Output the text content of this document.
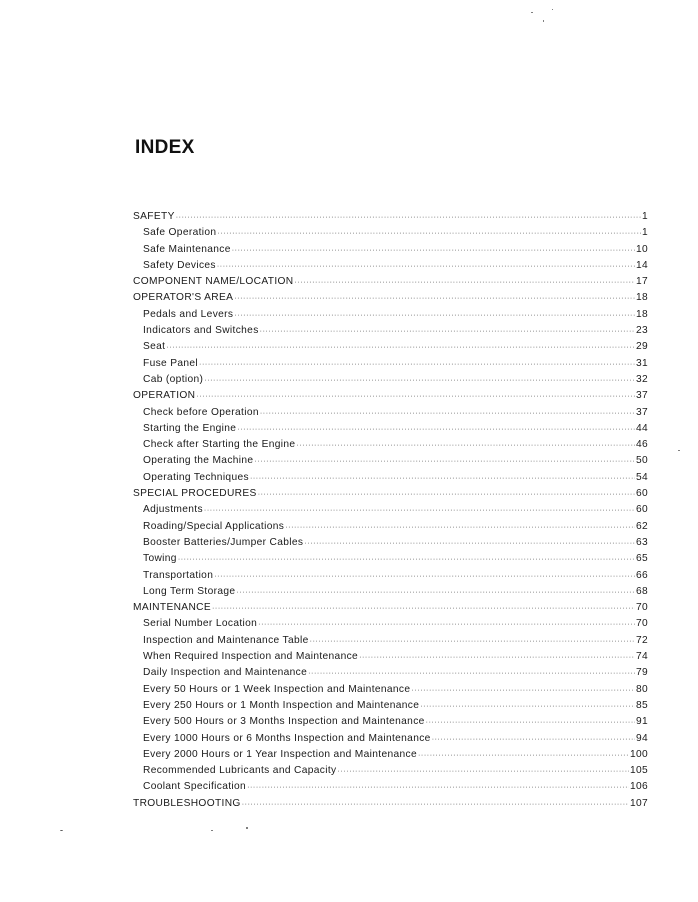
INDEX
SAFETY ·····	1
Safe Operation ·····	1
Safe Maintenance ·····	10
Safety Devices ·····	14
COMPONENT NAME/LOCATION ·····	17
OPERATOR'S AREA ·····	18
Pedals and Levers ·····	18
Indicators and Switches ·····	23
Seat ·····	29
Fuse Panel ·····	31
Cab (option) ·····	32
OPERATION ·····	37
Check before Operation ·····	37
Starting the Engine ·····	44
Check after Starting the Engine ·····	46
Operating the Machine ·····	50
Operating Techniques ·····	54
SPECIAL PROCEDURES ·····	60
Adjustments ·····	60
Roading/Special Applications ·····	62
Booster Batteries/Jumper Cables ·····	63
Towing ·····	65
Transportation ·····	66
Long Term Storage ·····	68
MAINTENANCE ·····	70
Serial Number Location ·····	70
Inspection and Maintenance Table ·····	72
When Required Inspection and Maintenance ·····	74
Daily Inspection and Maintenance ·····	79
Every 50 Hours or 1 Week Inspection and Maintenance ·····	80
Every 250 Hours or 1 Month Inspection and Maintenance ·····	85
Every 500 Hours or 3 Months Inspection and Maintenance ·····	91
Every 1000 Hours or 6 Months Inspection and Maintenance ·····	94
Every 2000 Hours or 1 Year Inspection and Maintenance ·····	100
Recommended Lubricants and Capacity ·····	105
Coolant Specification ·····	106
TROUBLESHOOTING ·····	107
